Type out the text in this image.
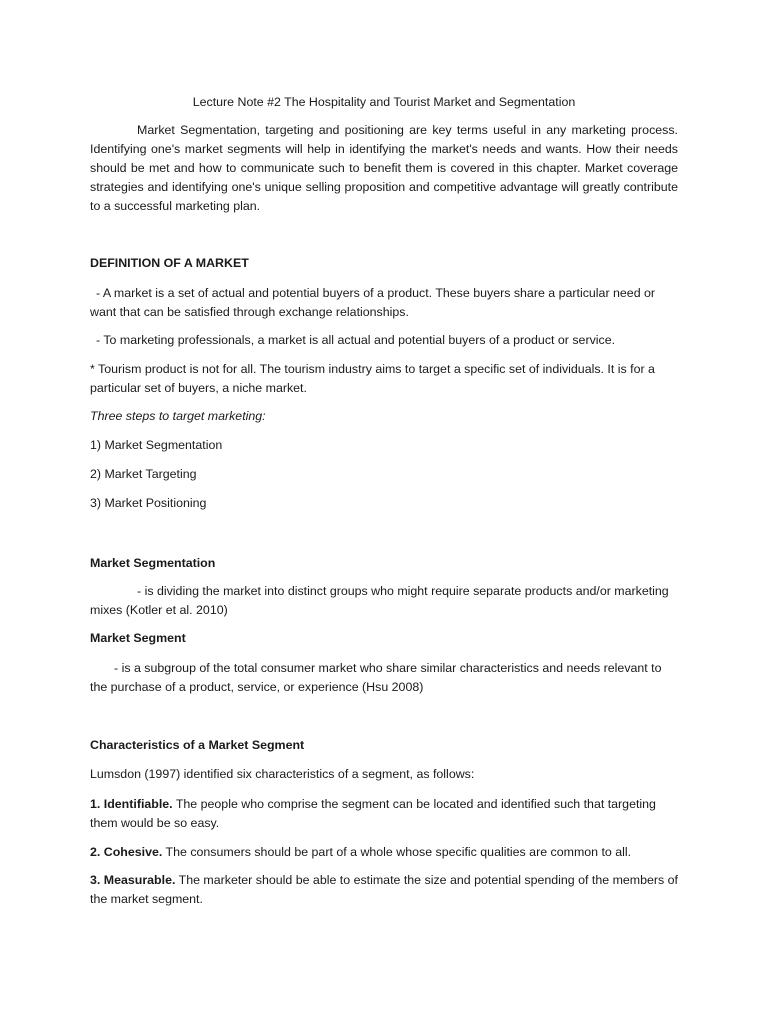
Lecture Note #2 The Hospitality and Tourist Market and Segmentation

Market Segmentation, targeting and positioning are key terms useful in any marketing process. Identifying one's market segments will help in identifying the market's needs and wants. How their needs should be met and how to communicate such to benefit them is covered in this chapter. Market coverage strategies and identifying one's unique selling proposition and competitive advantage will greatly contribute to a successful marketing plan.

DEFINITION OF A MARKET

- A market is a set of actual and potential buyers of a product. These buyers share a particular need or want that can be satisfied through exchange relationships.

- To marketing professionals, a market is all actual and potential buyers of a product or service.

* Tourism product is not for all. The tourism industry aims to target a specific set of individuals. It is for a particular set of buyers, a niche market.

Three steps to target marketing:

1) Market Segmentation

2) Market Targeting

3) Market Positioning

Market Segmentation

- is dividing the market into distinct groups who might require separate products and/or marketing mixes (Kotler et al. 2010)

Market Segment

- is a subgroup of the total consumer market who share similar characteristics and needs relevant to the purchase of a product, service, or experience (Hsu 2008)

Characteristics of a Market Segment

Lumsdon (1997) identified six characteristics of a segment, as follows:

1. Identifiable. The people who comprise the segment can be located and identified such that targeting them would be so easy.

2. Cohesive. The consumers should be part of a whole whose specific qualities are common to all.

3. Measurable. The marketer should be able to estimate the size and potential spending of the members of the market segment.
